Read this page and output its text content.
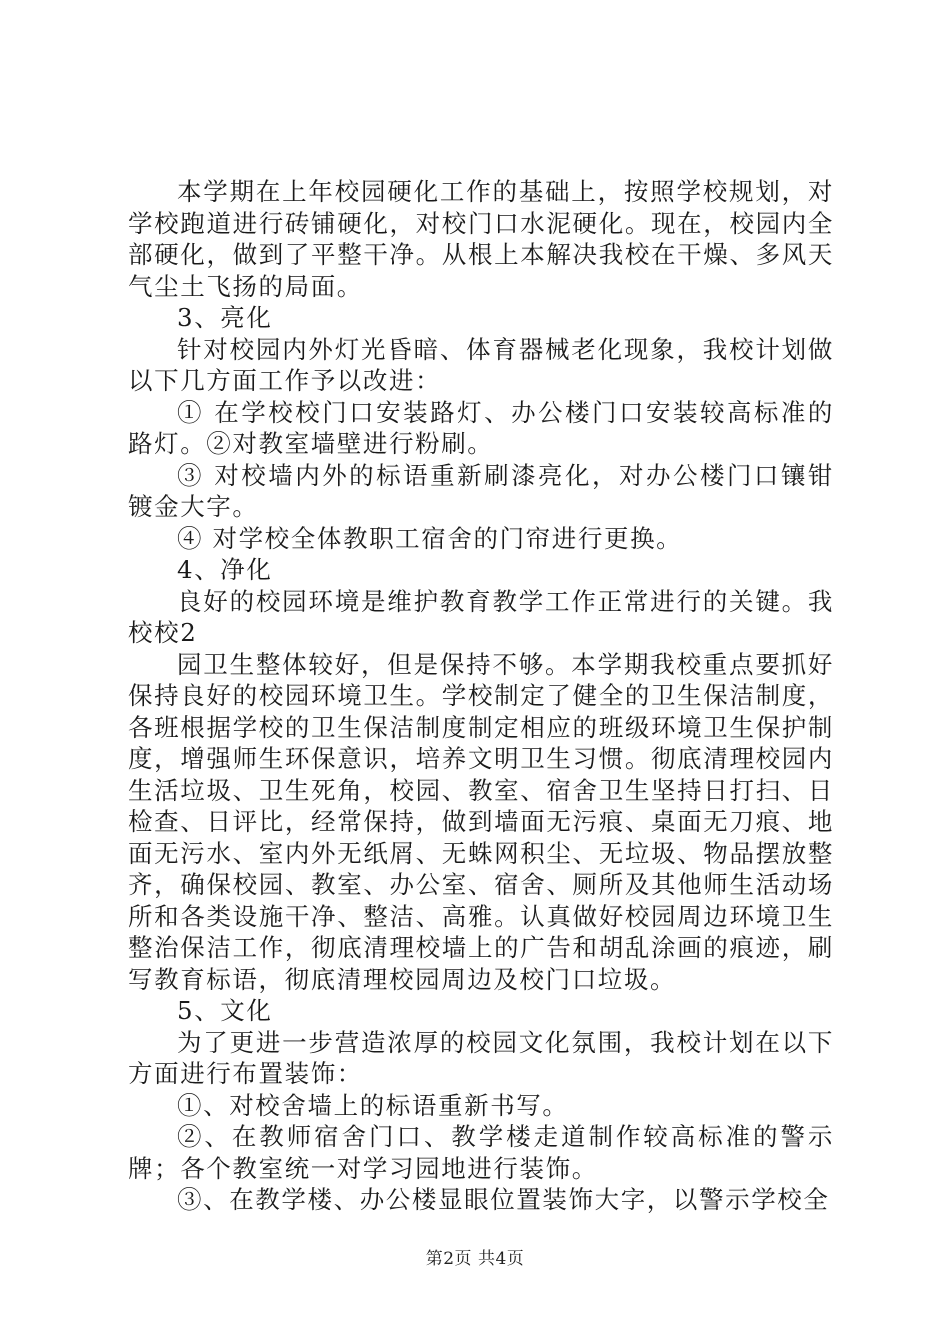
本学期在上年校园硬化工作的基础上，按照学校规划，对学校跑道进行砖铺硬化，对校门口水泥硬化。现在，校园内全部硬化，做到了平整干净。从根上本解决我校在干燥、多风天气尘土飞扬的局面。

3、亮化

针对校园内外灯光昏暗、体育器械老化现象，我校计划做以下几方面工作予以改进：

① 在学校校门口安装路灯、办公楼门口安装较高标准的路灯。②对教室墙壁进行粉刷。

③ 对校墙内外的标语重新刷漆亮化，对办公楼门口镶钳镀金大字。

④ 对学校全体教职工宿舍的门帘进行更换。

4、净化

良好的校园环境是维护教育教学工作正常进行的关键。我校校2

园卫生整体较好，但是保持不够。本学期我校重点要抓好保持良好的校园环境卫生。学校制定了健全的卫生保洁制度，各班根据学校的卫生保洁制度制定相应的班级环境卫生保护制度，增强师生环保意识，培养文明卫生习惯。彻底清理校园内生活垃圾、卫生死角，校园、教室、宿舍卫生坚持日打扫、日检查、日评比，经常保持，做到墙面无污痕、桌面无刀痕、地面无污水、室内外无纸屑、无蛛网积尘、无垃圾、物品摆放整齐，确保校园、教室、办公室、宿舍、厕所及其他师生活动场所和各类设施干净、整洁、高雅。认真做好校园周边环境卫生整治保洁工作，彻底清理校墙上的广告和胡乱涂画的痕迹，刷写教育标语，彻底清理校园周边及校门口垃圾。

5、文化

为了更进一步营造浓厚的校园文化氛围，我校计划在以下方面进行布置装饰：

①、对校舍墙上的标语重新书写。

②、在教师宿舍门口、教学楼走道制作较高标准的警示牌；各个教室统一对学习园地进行装饰。

③、在教学楼、办公楼显眼位置装饰大字，以警示学校全

第2页 共4页
